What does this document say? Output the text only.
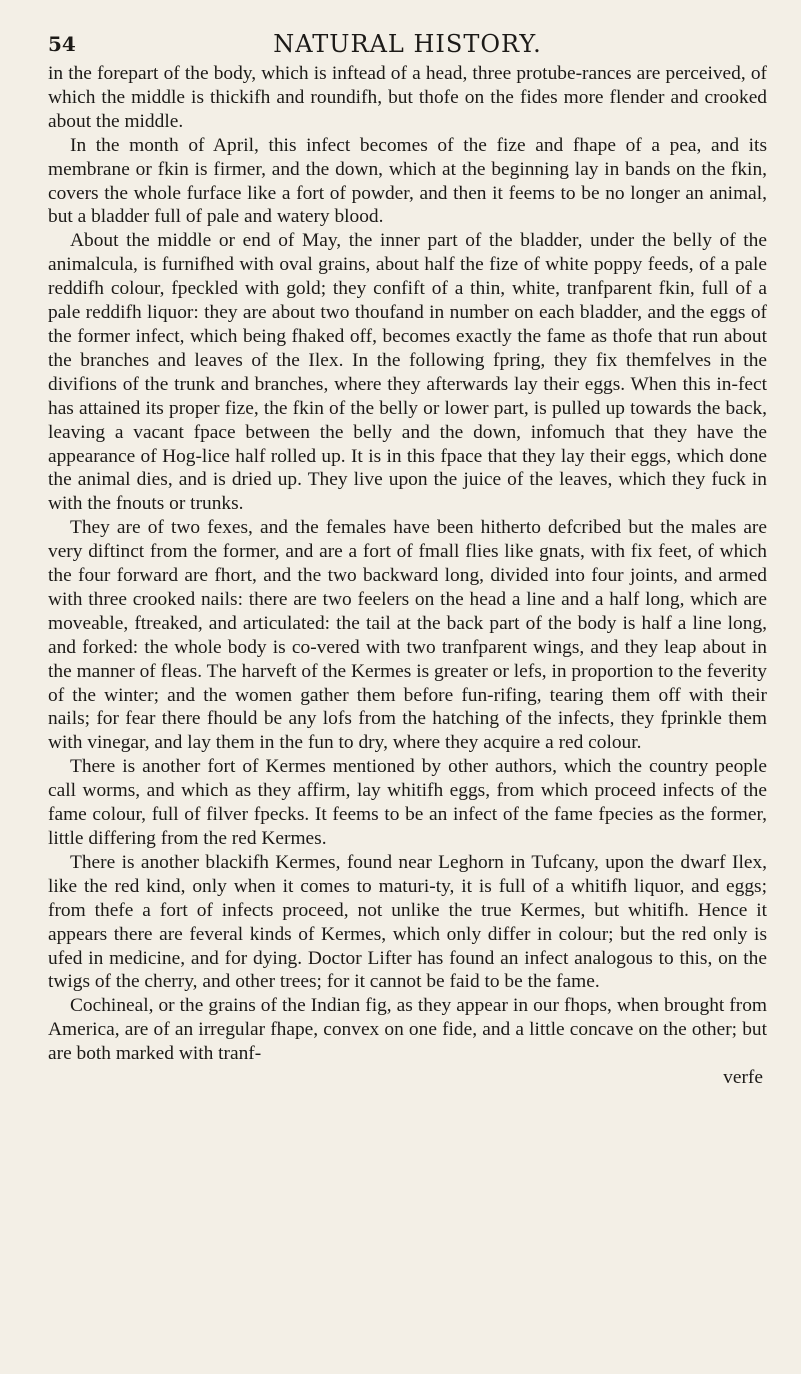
54	NATURAL HISTORY.

in the forepart of the body, which is inftead of a head, three protube-rances are perceived, of which the middle is thickifh and roundifh, but thofe on the fides more flender and crooked about the middle.

In the month of April, this infect becomes of the fize and fhape of a pea, and its membrane or fkin is firmer, and the down, which at the beginning lay in bands on the fkin, covers the whole furface like a fort of powder, and then it feems to be no longer an animal, but a bladder full of pale and watery blood.

About the middle or end of May, the inner part of the bladder, under the belly of the animalcula, is furnifhed with oval grains, about half the fize of white poppy feeds, of a pale reddifh colour, fpeckled with gold; they confift of a thin, white, tranfparent fkin, full of a pale reddifh liquor: they are about two thoufand in number on each bladder, and the eggs of the former infect, which being fhaked off, becomes exactly the fame as thofe that run about the branches and leaves of the Ilex. In the following fpring, they fix themfelves in the divifions of the trunk and branches, where they afterwards lay their eggs. When this in-fect has attained its proper fize, the fkin of the belly or lower part, is pulled up towards the back, leaving a vacant fpace between the belly and the down, infomuch that they have the appearance of Hog-lice half rolled up. It is in this fpace that they lay their eggs, which done the animal dies, and is dried up. They live upon the juice of the leaves, which they fuck in with the fnouts or trunks.

They are of two fexes, and the females have been hitherto defcribed but the males are very diftinct from the former, and are a fort of fmall flies like gnats, with fix feet, of which the four forward are fhort, and the two backward long, divided into four joints, and armed with three crooked nails: there are two feelers on the head a line and a half long, which are moveable, ftreaked, and articulated: the tail at the back part of the body is half a line long, and forked: the whole body is co-vered with two tranfparent wings, and they leap about in the manner of fleas. The harveft of the Kermes is greater or lefs, in proportion to the feverity of the winter; and the women gather them before fun-rifing, tearing them off with their nails; for fear there fhould be any lofs from the hatching of the infects, they fprinkle them with vinegar, and lay them in the fun to dry, where they acquire a red colour.

There is another fort of Kermes mentioned by other authors, which the country people call worms, and which as they affirm, lay whitifh eggs, from which proceed infects of the fame colour, full of filver fpecks. It feems to be an infect of the fame fpecies as the former, little differing from the red Kermes.

There is another blackifh Kermes, found near Leghorn in Tufcany, upon the dwarf Ilex, like the red kind, only when it comes to maturi-ty, it is full of a whitifh liquor, and eggs; from thefe a fort of infects proceed, not unlike the true Kermes, but whitifh. Hence it appears there are feveral kinds of Kermes, which only differ in colour; but the red only is ufed in medicine, and for dying. Doctor Lifter has found an infect analogous to this, on the twigs of the cherry, and other trees; for it cannot be faid to be the fame.

Cochineal, or the grains of the Indian fig, as they appear in our fhops, when brought from America, are of an irregular fhape, convex on one fide, and a little concave on the other; but are both marked with tranf-

verfe
